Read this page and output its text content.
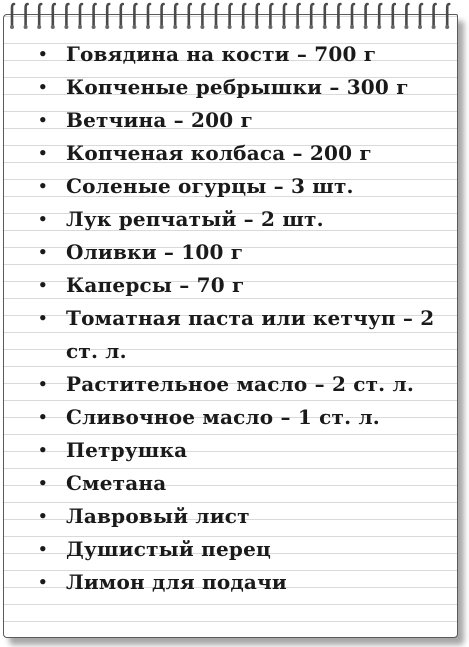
• Говядина на кости – 700 г
• Копченые ребрышки – 300 г
• Ветчина – 200 г
• Копченая колбаса – 200 г
• Соленые огурцы – 3 шт.
• Лук репчатый – 2 шт.
• Оливки – 100 г
• Каперсы – 70 г
• Томатная паста или кетчуп – 2 ст. л.
• Растительное масло – 2 ст. л.
• Сливочное масло – 1 ст. л.
• Петрушка
• Сметана
• Лавровый лист
• Душистый перец
• Лимон для подачи
